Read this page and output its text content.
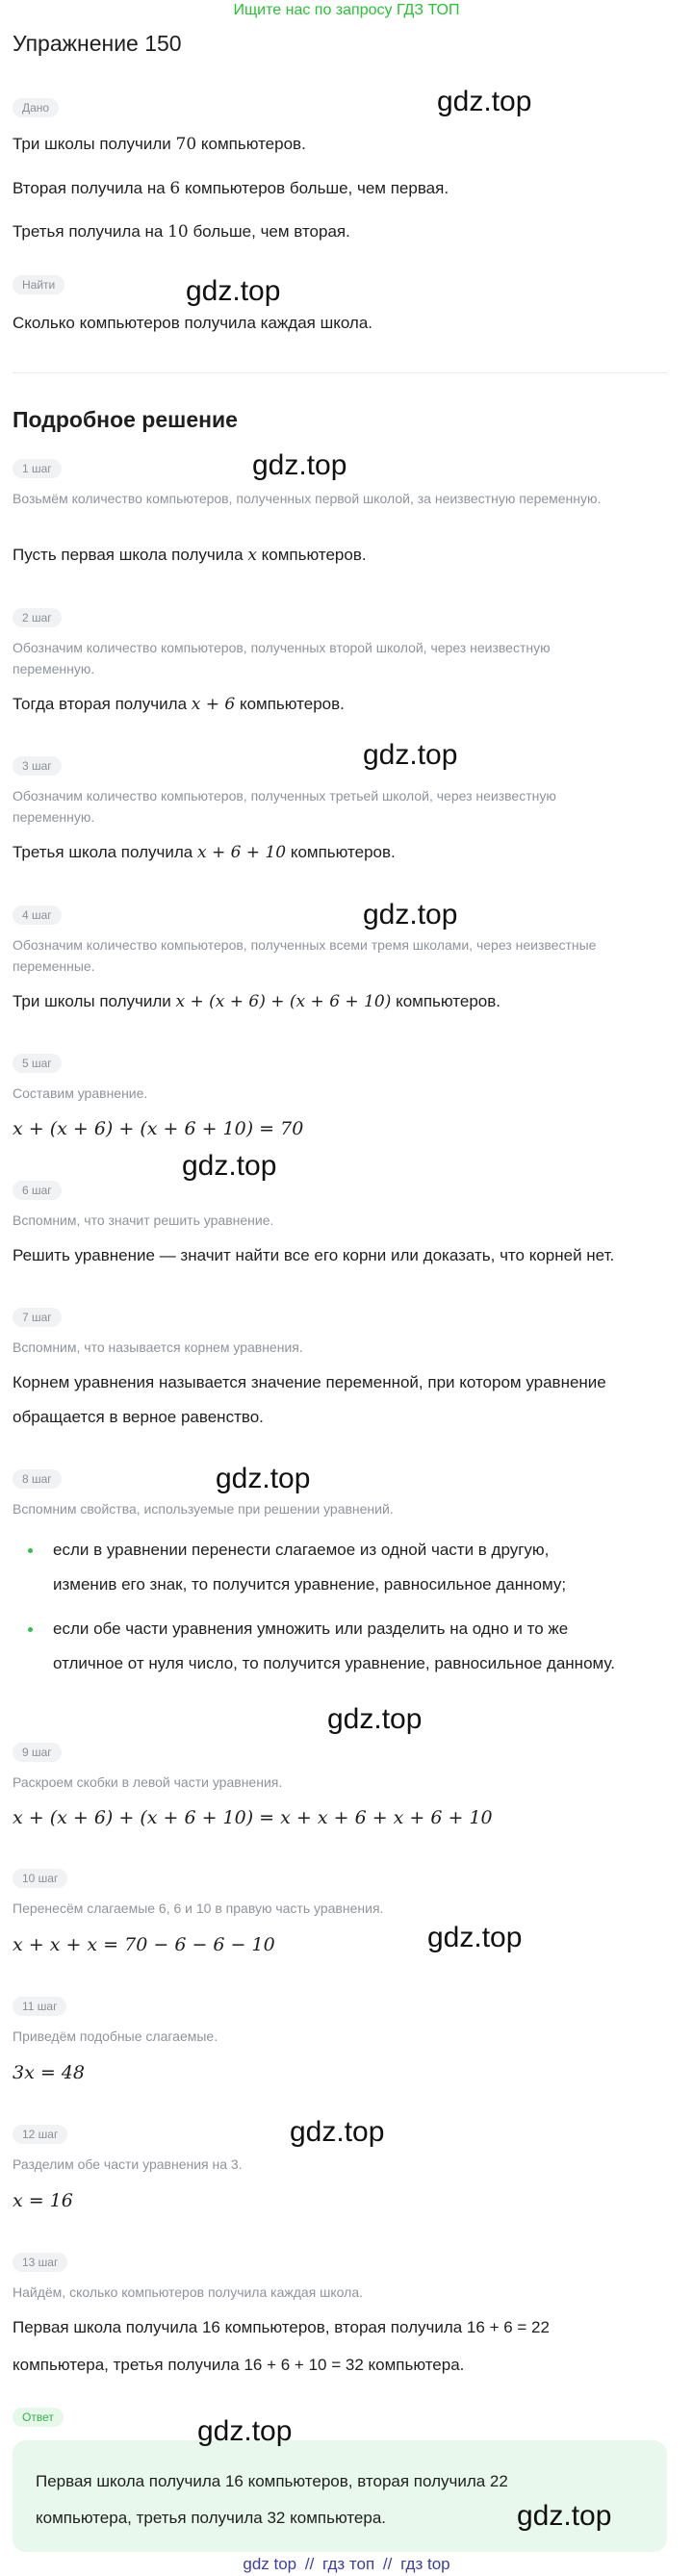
Ищите нас по запросу ГДЗ ТОП
Упражнение 150
Дано
Три школы получили 70 компьютеров.
Вторая получила на 6 компьютеров больше, чем первая.
Третья получила на 10 больше, чем вторая.
Найти
Сколько компьютеров получила каждая школа.
Подробное решение
1 шаг
Возьмём количество компьютеров, полученных первой школой, за неизвестную переменную.
Пусть первая школа получила x компьютеров.
2 шаг
Обозначим количество компьютеров, полученных второй школой, через неизвестную переменную.
Тогда вторая получила x + 6 компьютеров.
3 шаг
Обозначим количество компьютеров, полученных третьей школой, через неизвестную переменную.
Третья школа получила x + 6 + 10 компьютеров.
4 шаг
Обозначим количество компьютеров, полученных всеми тремя школами, через неизвестные переменные.
Три школы получили x + (x + 6) + (x + 6 + 10) компьютеров.
5 шаг
Составим уравнение.
x + (x + 6) + (x + 6 + 10) = 70
6 шаг
Вспомним, что значит решить уравнение.
Решить уравнение — значит найти все его корни или доказать, что корней нет.
7 шаг
Вспомним, что называется корнем уравнения.
Корнем уравнения называется значение переменной, при котором уравнение
обращается в верное равенство.
8 шаг
Вспомним свойства, используемые при решении уравнений.
если в уравнении перенести слагаемое из одной части в другую,
изменив его знак, то получится уравнение, равносильное данному;
если обе части уравнения умножить или разделить на одно и то же
отличное от нуля число, то получится уравнение, равносильное данному.
9 шаг
Раскроем скобки в левой части уравнения.
x + (x + 6) + (x + 6 + 10) = x + x + 6 + x + 6 + 10
10 шаг
Перенесём слагаемые 6, 6 и 10 в правую часть уравнения.
x + x + x = 70 − 6 − 6 − 10
11 шаг
Приведём подобные слагаемые.
3x = 48
12 шаг
Разделим обе части уравнения на 3.
x = 16
13 шаг
Найдём, сколько компьютеров получила каждая школа.
Первая школа получила 16 компьютеров, вторая получила 16 + 6 = 22
компьютера, третья получила 16 + 6 + 10 = 32 компьютера.
Ответ
Первая школа получила 16 компьютеров, вторая получила 22
компьютера, третья получила 32 компьютера.
gdz.top
gdz.top
gdz.top
gdz.top
gdz.top
gdz.top
gdz.top
gdz.top
gdz.top
gdz.top
gdz.top
gdz.top
gdz top // гдз топ // гдз top
